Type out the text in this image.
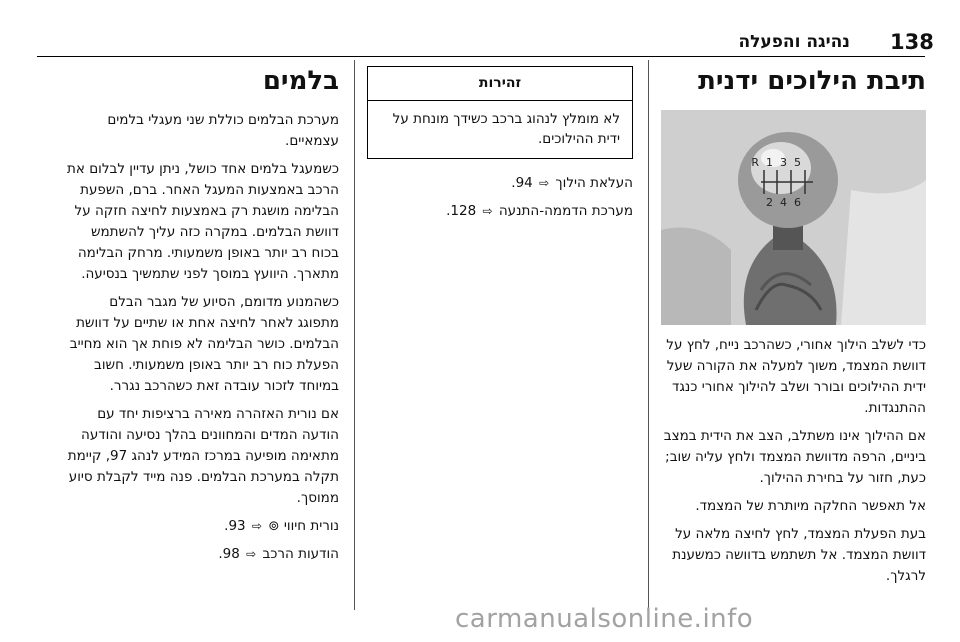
138
נהיגה והפעלה
תיבת הילוכים ידנית
R 1 3 5
2 4 6

כדי לשלב הילוך אחורי, כשהרכב נייח, לחץ על דוושת המצמד, משוך למעלה את הקורה שעל ידית ההילוכים ובורר ושלב להילוך אחורי כנגד ההתנגדות.

אם ההילוך אינו משתלב, הצב את הידית במצב ביניים, הרפה מדוושת המצמד ולחץ עליה שוב; כעת, חזור על בחירת ההילוך.

אל תאפשר החלקה מיותרת של המצמד.

בעת הפעלת המצמד, לחץ לחיצה מלאה על דוושת המצמד. אל תשתמש בדוושה כמשענת לרגלך.

זהירות
לא מומלץ לנהוג ברכב כשידך מונחת על ידית ההילוכים.

העלאת הילוך ⇨ 94.

מערכת הדממה-התנעה ⇨ 128.

בלמים

מערכת הבלמים כוללת שני מעגלי בלמים עצמאיים.

כשמעגל בלמים אחד כושל, ניתן עדיין לבלום את הרכב באמצעות המעגל האחר. ברם, השפעת הבלימה מושגת רק באמצעות לחיצה חזקה על דוושת הבלמים. במקרה כזה עליך להשתמש בכוח רב יותר באופן משמעותי. מרחק הבלימה מתארך. היוועץ במוסך לפני שתמשיך בנסיעה.

כשהמנוע מדומם, הסיוע של מגבר הבלם מתפוגג לאחר לחיצה אחת או שתיים על דוושת הבלמים. כושר הבלימה לא פוחת אך הוא מחייב הפעלת כוח רב יותר באופן משמעותי. חשוב במיוחד לזכור עובדה זאת כשהרכב נגרר.

אם נורית האזהרה מאירה ברציפות יחד עם הודעה המדים והמחוונים בהלך נסיעה והודעה מתאימה מופיעה במרכז המידע לנהג 97, קיימת תקלה במערכת הבלמים. פנה מייד לקבלת סיוע ממוסך.

נורית חיווי ⊚ ⇨ 93.

הודעות הרכב ⇨ 98.

carmanualsonline.info
